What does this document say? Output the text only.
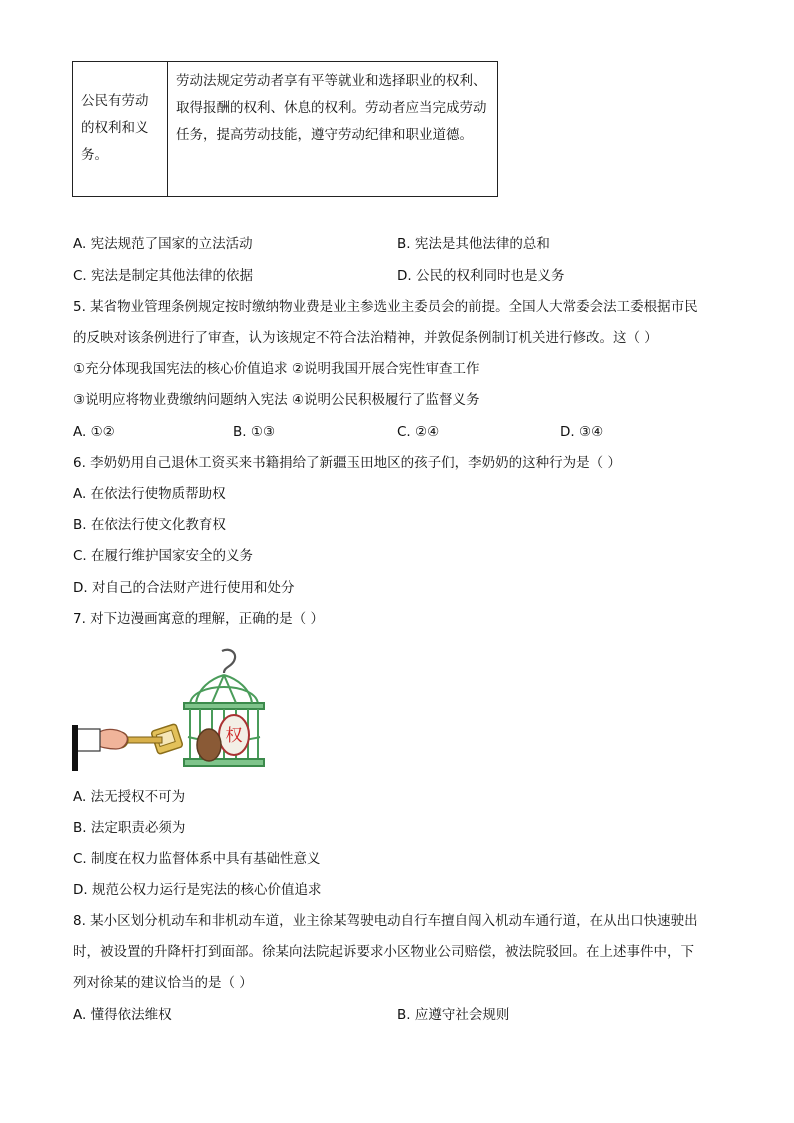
公民有劳动的权利和义务。	劳动法规定劳动者享有平等就业和选择职业的权利、取得报酬的权利、休息的权利。劳动者应当完成劳动任务，提高劳动技能，遵守劳动纪律和职业道德。
A. 宪法规范了国家的立法活动	B. 宪法是其他法律的总和
C. 宪法是制定其他法律的依据	D. 公民的权利同时也是义务
5. 某省物业管理条例规定按时缴纳物业费是业主参选业主委员会的前提。全国人大常委会法工委根据市民
的反映对该条例进行了审查，认为该规定不符合法治精神，并敦促条例制订机关进行修改。这（ ）
①充分体现我国宪法的核心价值追求 ②说明我国开展合宪性审查工作
③说明应将物业费缴纳问题纳入宪法 ④说明公民积极履行了监督义务
A. ①②	B. ①③	C. ②④	D. ③④
6. 李奶奶用自己退休工资买来书籍捐给了新疆玉田地区的孩子们，李奶奶的这种行为是（ ）
A. 在依法行使物质帮助权
B. 在依法行使文化教育权
C. 在履行维护国家安全的义务
D. 对自己的合法财产进行使用和处分
7. 对下边漫画寓意的理解，正确的是（ ）
权
A. 法无授权不可为
B. 法定职责必须为
C. 制度在权力监督体系中具有基础性意义
D. 规范公权力运行是宪法的核心价值追求
8. 某小区划分机动车和非机动车道，业主徐某驾驶电动自行车擅自闯入机动车通行道，在从出口快速驶出
时，被设置的升降杆打到面部。徐某向法院起诉要求小区物业公司赔偿，被法院驳回。在上述事件中，下
列对徐某的建议恰当的是（ ）
A. 懂得依法维权	B. 应遵守社会规则
